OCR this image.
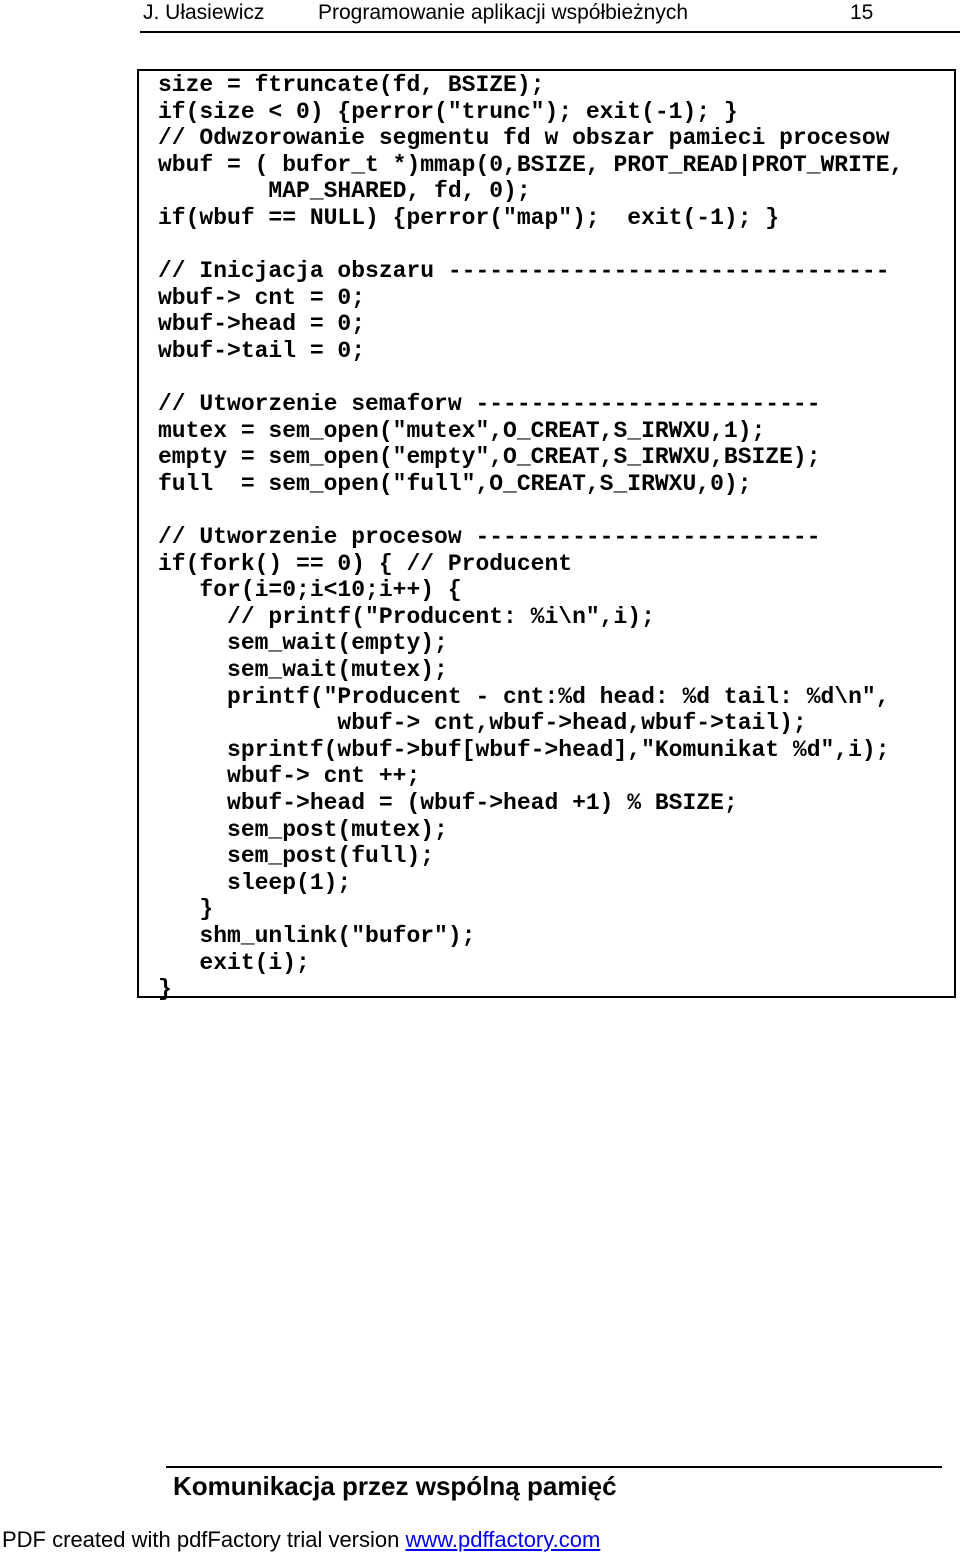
J. Ułasiewicz	Programowanie aplikacji współbieżnych	15
size = ftruncate(fd, BSIZE);
if(size < 0) {perror("trunc"); exit(-1); }
// Odwzorowanie segmentu fd w obszar pamieci procesow
wbuf = ( bufor_t *)mmap(0,BSIZE, PROT_READ|PROT_WRITE,
MAP_SHARED, fd, 0);
if(wbuf == NULL) {perror("map");  exit(-1); }

// Inicjacja obszaru --------------------------------
wbuf-> cnt = 0;
wbuf->head = 0;
wbuf->tail = 0;

// Utworzenie semaforw -------------------------
mutex = sem_open("mutex",O_CREAT,S_IRWXU,1);
empty = sem_open("empty",O_CREAT,S_IRWXU,BSIZE);
full  = sem_open("full",O_CREAT,S_IRWXU,0);

// Utworzenie procesow -------------------------
if(fork() == 0) { // Producent
for(i=0;i<10;i++) {
// printf("Producent: %i\n",i);
sem_wait(empty);
sem_wait(mutex);
printf("Producent - cnt:%d head: %d tail: %d\n",
wbuf-> cnt,wbuf->head,wbuf->tail);
sprintf(wbuf->buf[wbuf->head],"Komunikat %d",i);
wbuf-> cnt ++;
wbuf->head = (wbuf->head +1) % BSIZE;
sem_post(mutex);
sem_post(full);
sleep(1);
}
shm_unlink("bufor");
exit(i);
}
Komunikacja przez wspólną pamięć
PDF created with pdfFactory trial version www.pdffactory.com
